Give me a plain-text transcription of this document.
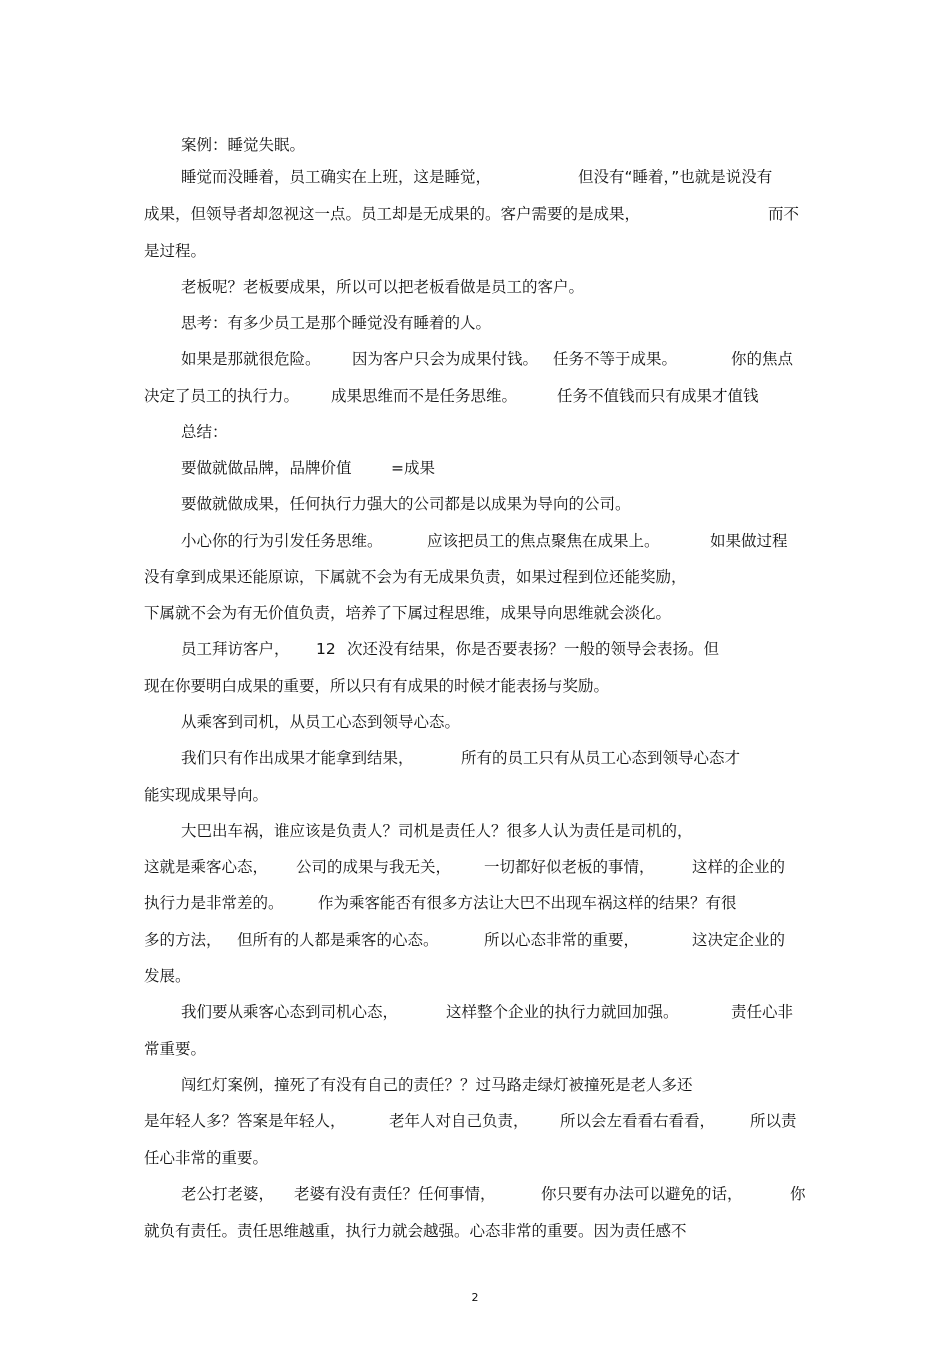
案例：睡觉失眠。
睡觉而没睡着，员工确实在上班，这是睡觉，	但没有“睡着，”也就是说没有
成果，但领导者却忽视这一点。员工却是无成果的。客户需要的是成果，	而不
是过程。
老板呢？老板要成果，所以可以把老板看做是员工的客户。
思考：有多少员工是那个睡觉没有睡着的人。
如果是那就很危险。 因为客户只会为成果付钱。 任务不等于成果。	你的焦点
决定了员工的执行力。 成果思维而不是任务思维。	任务不值钱而只有成果才值钱
总结：
要做就做品牌，品牌价值	=成果
要做就做成果，任何执行力强大的公司都是以成果为导向的公司。
小心你的行为引发任务思维。	应该把员工的焦点聚焦在成果上。	如果做过程
没有拿到成果还能原谅，下属就不会为有无成果负责，如果过程到位还能奖励，
下属就不会为有无价值负责，培养了下属过程思维，成果导向思维就会淡化。
员工拜访客户， 12 次还没有结果，你是否要表扬？一般的领导会表扬。但
现在你要明白成果的重要，所以只有有成果的时候才能表扬与奖励。
从乘客到司机，从员工心态到领导心态。
我们只有作出成果才能拿到结果，	所有的员工只有从员工心态到领导心态才
能实现成果导向。
大巴出车祸，谁应该是负责人？司机是责任人？很多人认为责任是司机的，
这就是乘客心态， 公司的成果与我无关， 一切都好似老板的事情， 这样的企业的
执行力是非常差的。 作为乘客能否有很多方法让大巴不出现车祸这样的结果？有很
多的方法， 但所有的人都是乘客的心态。	所以心态非常的重要，	这决定企业的
发展。
我们要从乘客心态到司机心态，	这样整个企业的执行力就回加强。	责任心非
常重要。
闯红灯案例，撞死了有没有自己的责任？？过马路走绿灯被撞死是老人多还
是年轻人多？答案是年轻人，	老年人对自己负责， 所以会左看看右看看， 所以责
任心非常的重要。
老公打老婆， 老婆有没有责任？任何事情，	你只要有办法可以避免的话，	你
就负有责任。责任思维越重，执行力就会越强。心态非常的重要。因为责任感不
2
